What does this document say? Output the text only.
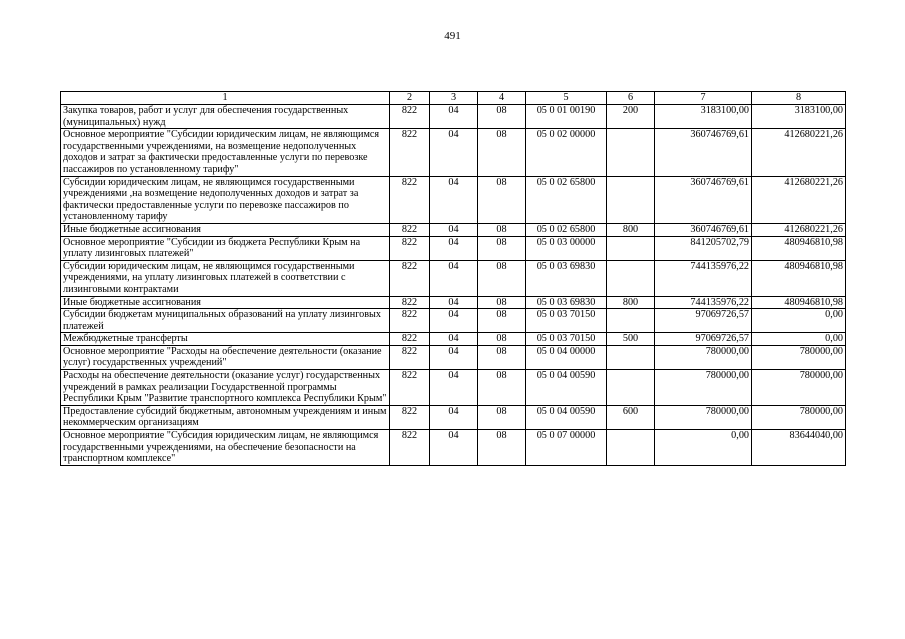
491
1	2	3	4	5	6	7	8
Закупка товаров, работ и услуг для обеспечения государственных (муниципальных) нужд	822	04	08	05 0 01 00190	200	3183100,00	3183100,00
Основное мероприятие "Субсидии юридическим лицам, не являющимся государственными учреждениями, на возмещение недополученных доходов и затрат за фактически предоставленные услуги по перевозке пассажиров по установленному тарифу"	822	04	08	05 0 02 00000		360746769,61	412680221,26
Субсидии юридическим лицам, не являющимся государственными учреждениями ,на возмещение недополученных доходов и затрат за фактически предоставленные услуги по перевозке пассажиров по установленному тарифу	822	04	08	05 0 02 65800		360746769,61	412680221,26
Иные бюджетные ассигнования	822	04	08	05 0 02 65800	800	360746769,61	412680221,26
Основное мероприятие "Субсидии из бюджета Республики Крым на уплату лизинговых платежей"	822	04	08	05 0 03 00000		841205702,79	480946810,98
Субсидии юридическим лицам, не являющимся государственными учреждениями, на уплату лизинговых платежей в соответствии с лизинговыми контрактами	822	04	08	05 0 03 69830		744135976,22	480946810,98
Иные бюджетные ассигнования	822	04	08	05 0 03 69830	800	744135976,22	480946810,98
Субсидии бюджетам муниципальных образований на уплату лизинговых платежей	822	04	08	05 0 03 70150		97069726,57	0,00
Межбюджетные трансферты	822	04	08	05 0 03 70150	500	97069726,57	0,00
Основное мероприятие "Расходы на обеспечение деятельности (оказание услуг) государственных учреждений"	822	04	08	05 0 04 00000		780000,00	780000,00
Расходы на обеспечение деятельности (оказание услуг) государственных учреждений в рамках реализации Государственной программы Республики Крым "Развитие транспортного комплекса Республики Крым"	822	04	08	05 0 04 00590		780000,00	780000,00
Предоставление субсидий бюджетным, автономным учреждениям и иным некоммерческим организациям	822	04	08	05 0 04 00590	600	780000,00	780000,00
Основное мероприятие "Субсидия юридическим лицам, не являющимся государственными учреждениями, на обеспечение безопасности на транспортном комплексе"	822	04	08	05 0 07 00000		0,00	83644040,00
